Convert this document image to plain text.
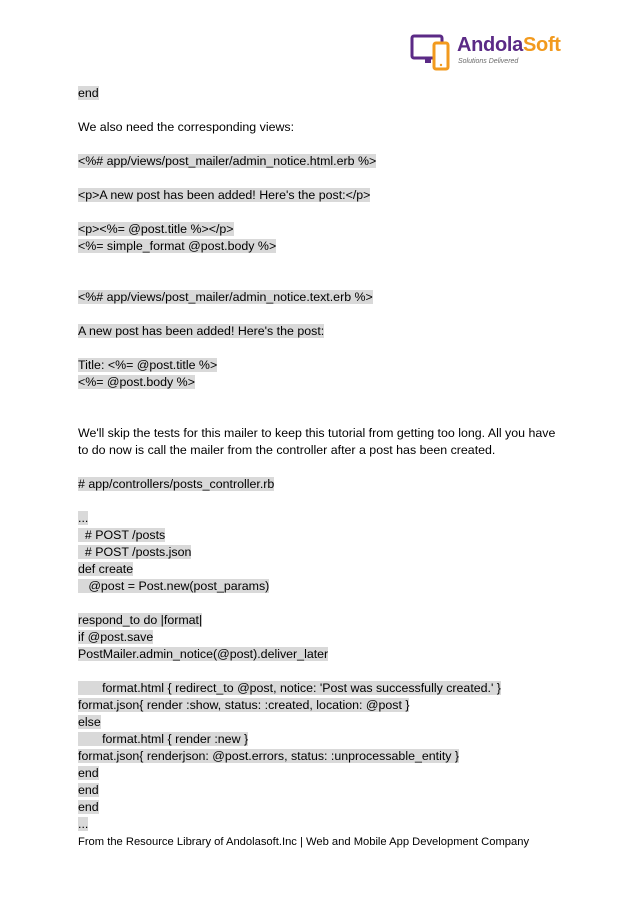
AndolaSoft
Solutions Delivered
end
We also need the corresponding views:
<%# app/views/post_mailer/admin_notice.html.erb %>
<p>A new post has been added! Here's the post:</p>
<p><%= @post.title %></p>
<%= simple_format @post.body %>
<%# app/views/post_mailer/admin_notice.text.erb %>
A new post has been added! Here's the post:
Title: <%= @post.title %>
<%= @post.body %>

We'll skip the tests for this mailer to keep this tutorial from getting too long. All you have to do now is call the mailer from the controller after a post has been created.

# app/controllers/posts_controller.rb
...
# POST /posts
# POST /posts.json
def create
@post = Post.new(post_params)
respond_to do |format|
if @post.save
PostMailer.admin_notice(@post).deliver_later
format.html { redirect_to @post, notice: 'Post was successfully created.' }
format.json{ render :show, status: :created, location: @post }
else
format.html { render :new }
format.json{ renderjson: @post.errors, status: :unprocessable_entity }
end
end
end
...
From the Resource Library of Andolasoft.Inc | Web and Mobile App Development Company
